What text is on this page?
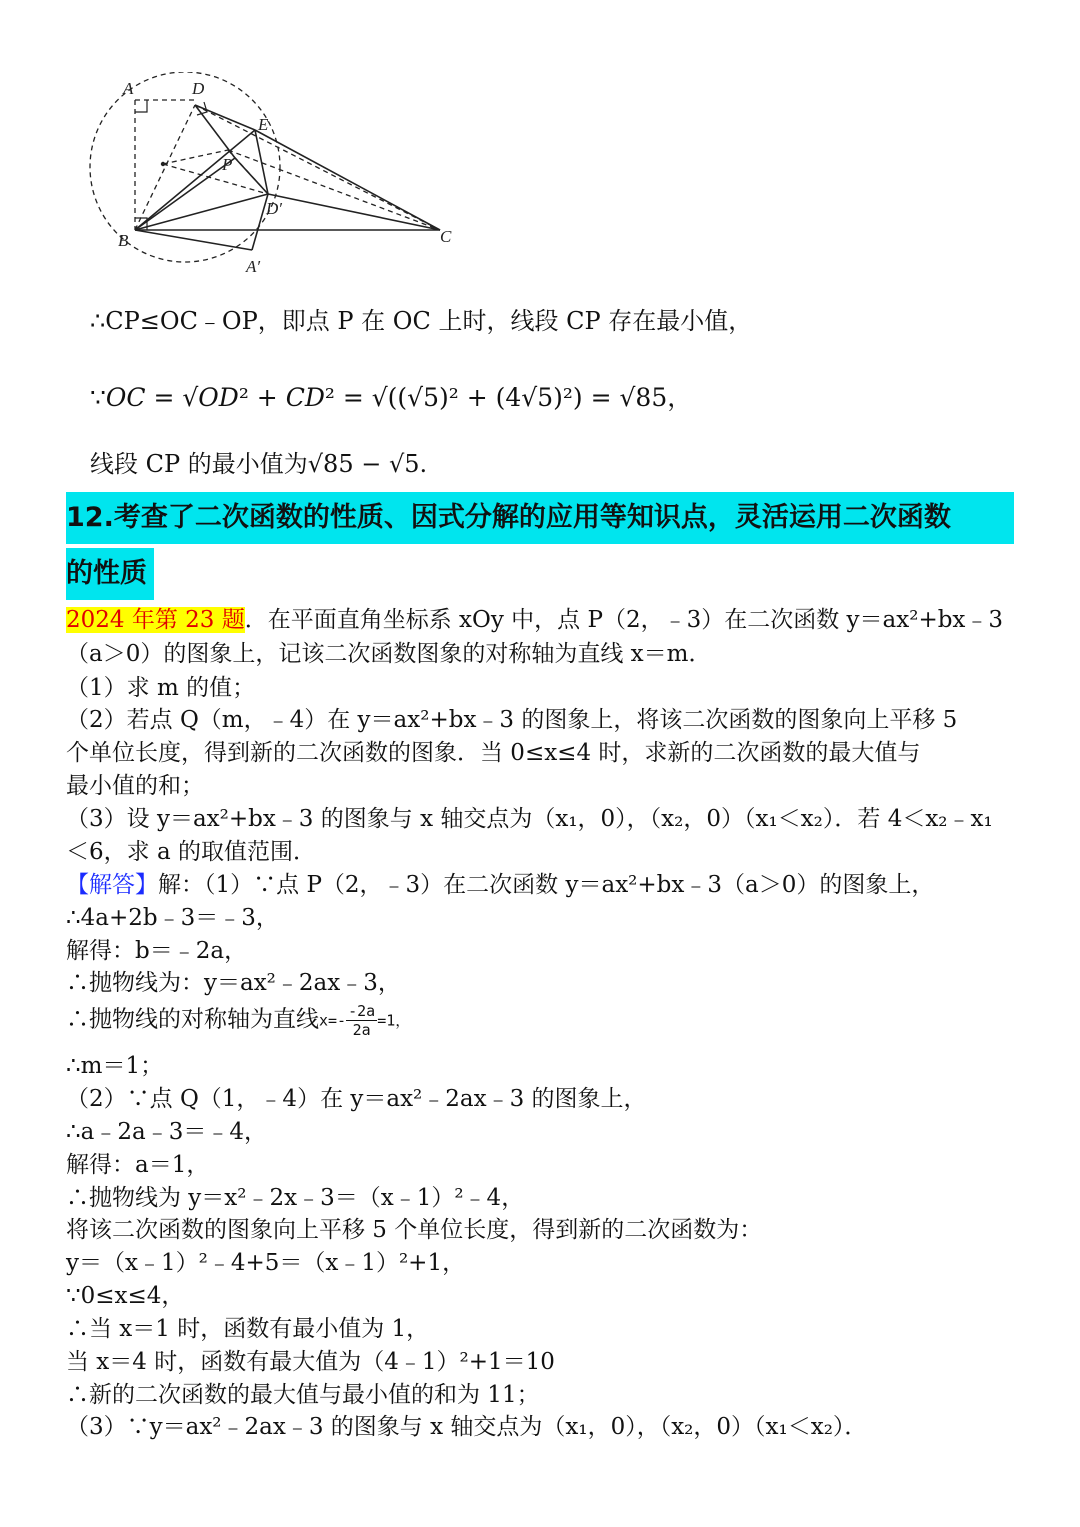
A	D
E
P
D′
B	C
A′
∴CP≤OC﹣OP，即点 P 在 OC 上时，线段 CP 存在最小值，
∵𝑂𝐶 = √𝑂𝐷² + 𝐶𝐷² = √((√5)² + (4√5)²) = √85，
线段 CP 的最小值为√85 − √5.
12.考查了二次函数的性质、因式分解的应用等知识点，灵活运用二次函数
的性质
2024 年第 23 题．在平面直角坐标系 xOy 中，点 P（2，﹣3）在二次函数 y＝ax²+bx﹣3
（a＞0）的图象上，记该二次函数图象的对称轴为直线 x＝m．
（1）求 m 的值；
（2）若点 Q（m，﹣4）在 y＝ax²+bx﹣3 的图象上，将该二次函数的图象向上平移 5
个单位长度，得到新的二次函数的图象．当 0≤x≤4 时，求新的二次函数的最大值与
最小值的和；
（3）设 y＝ax²+bx﹣3 的图象与 x 轴交点为（x₁，0），（x₂，0）（x₁＜x₂）．若 4＜x₂﹣x₁
＜6，求 a 的取值范围．
【解答】解：（1）∵点 P（2，﹣3）在二次函数 y＝ax²+bx﹣3（a＞0）的图象上，
∴4a+2b﹣3＝﹣3，
解得：b＝﹣2a，
∴抛物线为：y＝ax²﹣2ax﹣3，
∴抛物线的对称轴为直线$x=- \frac{-2a}{2a} =1$，
∴m＝1；
（2）∵点 Q（1，﹣4）在 y＝ax²﹣2ax﹣3 的图象上，
∴a﹣2a﹣3＝﹣4，
解得：a＝1，
∴抛物线为 y＝x²﹣2x﹣3＝（x﹣1）²﹣4，
将该二次函数的图象向上平移 5 个单位长度，得到新的二次函数为：
y＝（x﹣1）²﹣4+5＝（x﹣1）²+1，
∵0≤x≤4，
∴当 x＝1 时，函数有最小值为 1，
当 x＝4 时，函数有最大值为（4﹣1）²+1＝10
∴新的二次函数的最大值与最小值的和为 11；
（3）∵y＝ax²﹣2ax﹣3 的图象与 x 轴交点为（x₁，0），（x₂，0）（x₁＜x₂）．
